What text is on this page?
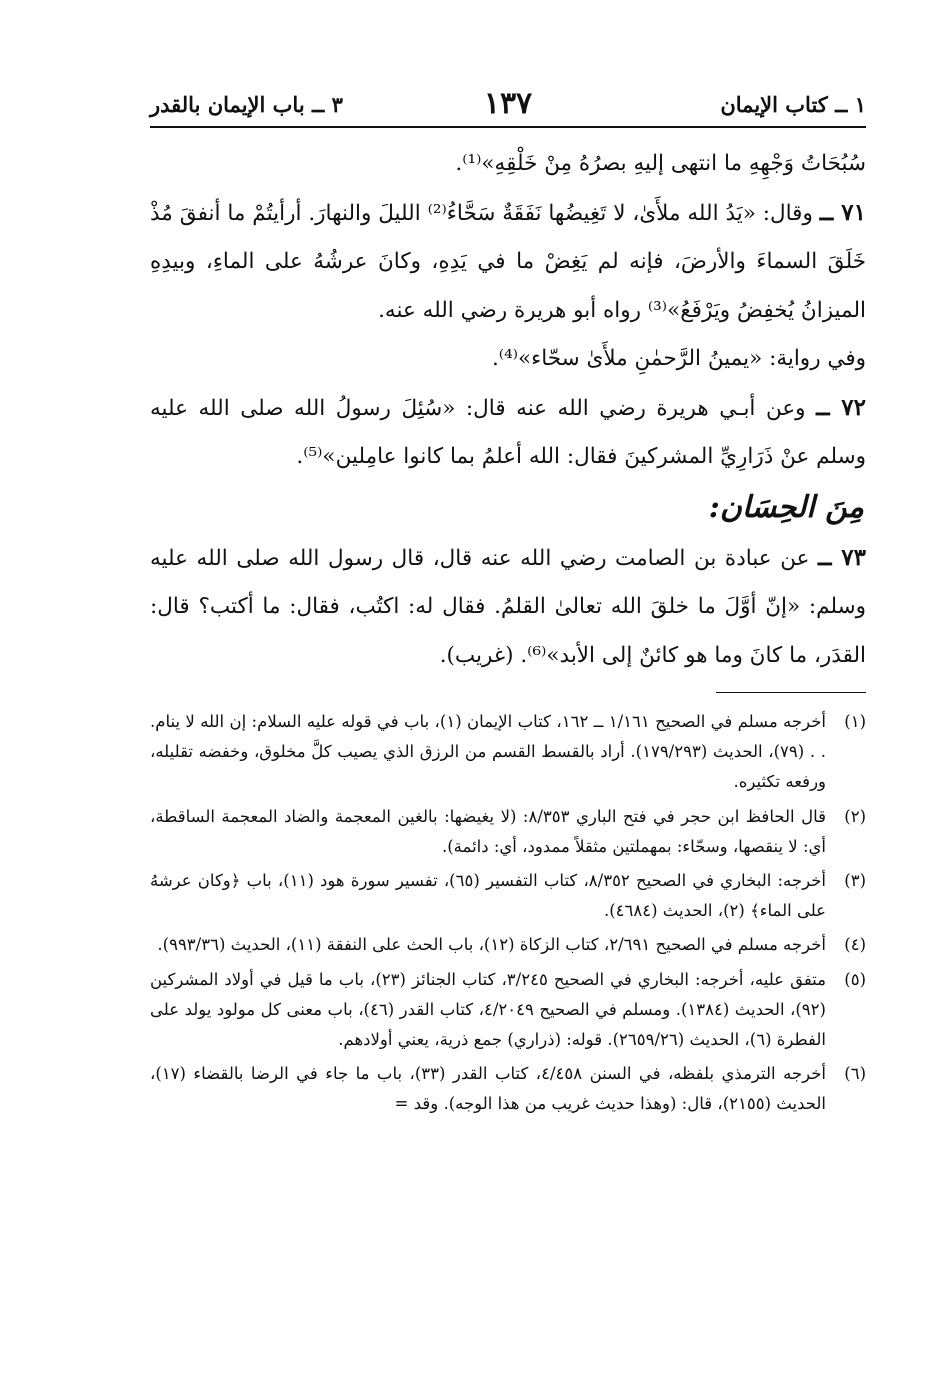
١ ــ كتاب الإيمان
١٣٧
٣ ــ باب الإيمان بالقدر

سُبُحَاتُ وَجْهِهِ ما انتهى إليهِ بصرُهُ مِنْ خَلْقِهِ»⁽¹⁾.

٧١ ــ وقال: «يَدُ الله ملأَىٰ، لا تَغِيضُها نَفَقَةٌ سَحَّاءُ⁽²⁾ الليلَ والنهارَ. أرأيتُمْ ما أنفقَ مُذْ خَلَقَ السماءَ والأرضَ، فإنه لم يَغِضْ ما في يَدِهِ، وكانَ عرشُهُ على الماءِ، وبيدِهِ الميزانُ يُخفِضُ ويَرْفَعُ»⁽³⁾ رواه أبو هريرة رضي الله عنه.

وفي رواية: «يمينُ الرَّحمٰنِ ملأَىٰ سحّاء»⁽⁴⁾.

٧٢ ــ وعن أبـي هريرة رضي الله عنه قال: «سُئِلَ رسولُ الله صلى الله عليه وسلم عنْ ذَرَارِيِّ المشركينَ فقال: الله أعلمُ بما كانوا عامِلين»⁽⁵⁾.

مِنَ الحِسَان:

٧٣ ــ عن عبادة بن الصامت رضي الله عنه قال، قال رسول الله صلى الله عليه وسلم: «إنّ أوَّلَ ما خلقَ الله تعالىٰ القلمُ. فقال له: اكتُب، فقال: ما أكتب؟ قال: القدَر، ما كانَ وما هو كائنٌ إلى الأبد»⁽⁶⁾. (غريب).

(١)
أخرجه مسلم في الصحيح ١/١٦١ ــ ١٦٢، كتاب الإيمان (١)، باب في قوله عليه السلام: إن الله لا ينام. . . (٧٩)، الحديث (١٧٩/٢٩٣). أراد بالقسط القسم من الرزق الذي يصيب كلَّ مخلوق، وخفضه تقليله، ورفعه تكثيره.
(٢)
قال الحافظ ابن حجر في فتح الباري ٨/٣٥٣: (لا يغيضها: بالغين المعجمة والضاد المعجمة الساقطة، أي: لا ينقصها، وسحّاء: بمهملتين مثقلاً ممدود، أي: دائمة).
(٣)
أخرجه: البخاري في الصحيح ٨/٣٥٢، كتاب التفسير (٦٥)، تفسير سورة هود (١١)، باب ﴿وكان عرشهُ على الماء﴾ (٢)، الحديث (٤٦٨٤).
(٤)
أخرجه مسلم في الصحيح ٢/٦٩١، كتاب الزكاة (١٢)، باب الحث على النفقة (١١)، الحديث (٩٩٣/٣٦).
(٥)
متفق عليه، أخرجه: البخاري في الصحيح ٣/٢٤٥، كتاب الجنائز (٢٣)، باب ما قيل في أولاد المشركين (٩٢)، الحديث (١٣٨٤). ومسلم في الصحيح ٤/٢٠٤٩، كتاب القدر (٤٦)، باب معنى كل مولود يولد على الفطرة (٦)، الحديث (٢٦٥٩/٢٦). قوله: (ذراري) جمع ذرية، يعني أولادهم.
(٦)
أخرجه الترمذي بلفظه، في السنن ٤/٤٥٨، كتاب القدر (٣٣)، باب ما جاء في الرضا بالقضاء (١٧)، الحديث (٢١٥٥)، قال: (وهذا حديث غريب من هذا الوجه). وقد =
